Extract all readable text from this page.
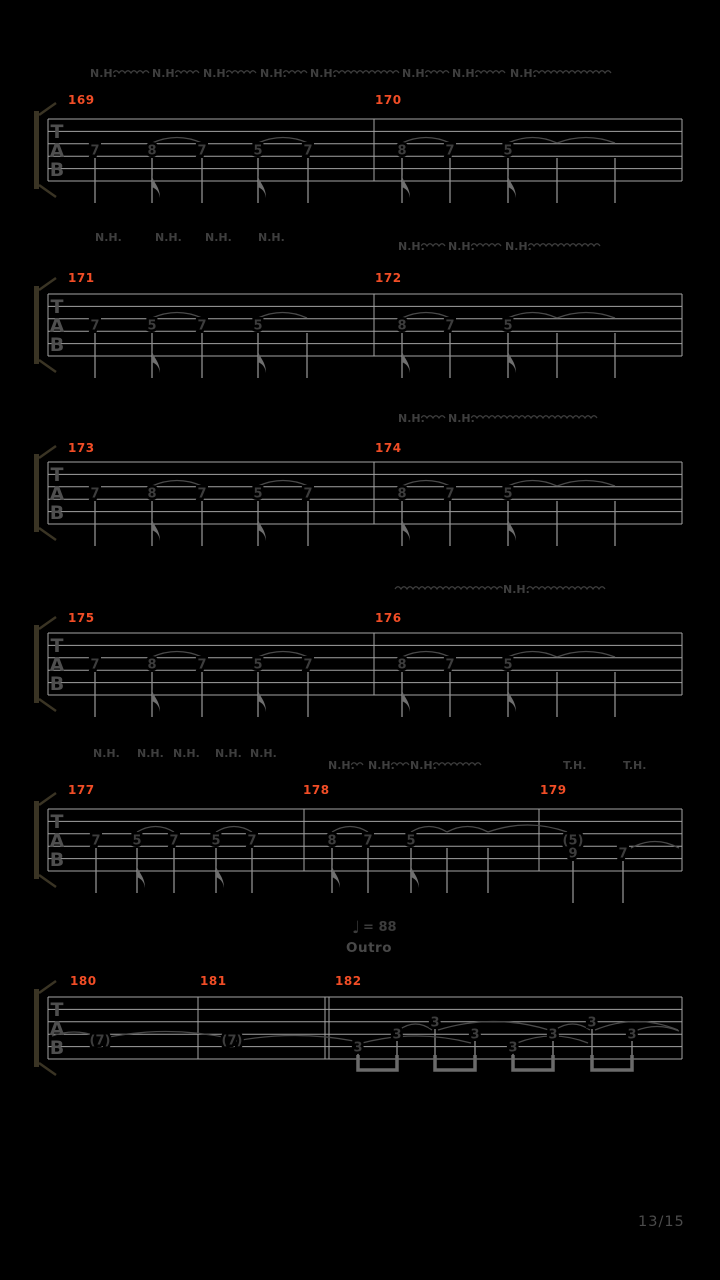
T
A
B
N.H.	N.H. N.H.	N.H. N.H.	N.H. N.H.	N.H.
169	170
7	8	7	5	7	8	7	5
T
A
B
N.H.	N.H. N.H. N.H.
N.H. N.H.	N.H.
171	172
7	5	7	5	8	7	5
T
A
B
N.H. N.H.
173	174
7	8	7	5	7	8	7	5
T
A
B
N.H.
175	176
7	8	7	5	7	8	7	5
T
A
B
N.H. N.H. N.H. N.H. N.H.
N.H. N.H. N.H.	T.H.	T.H.
177	178	179
7 5 7	5 7	8 7	5	(5)
9	7
T
A
B
180	181	182
(7)	(7)	3
3
3
3
3
3
3
3
♩ = 88
Outro
13/15
